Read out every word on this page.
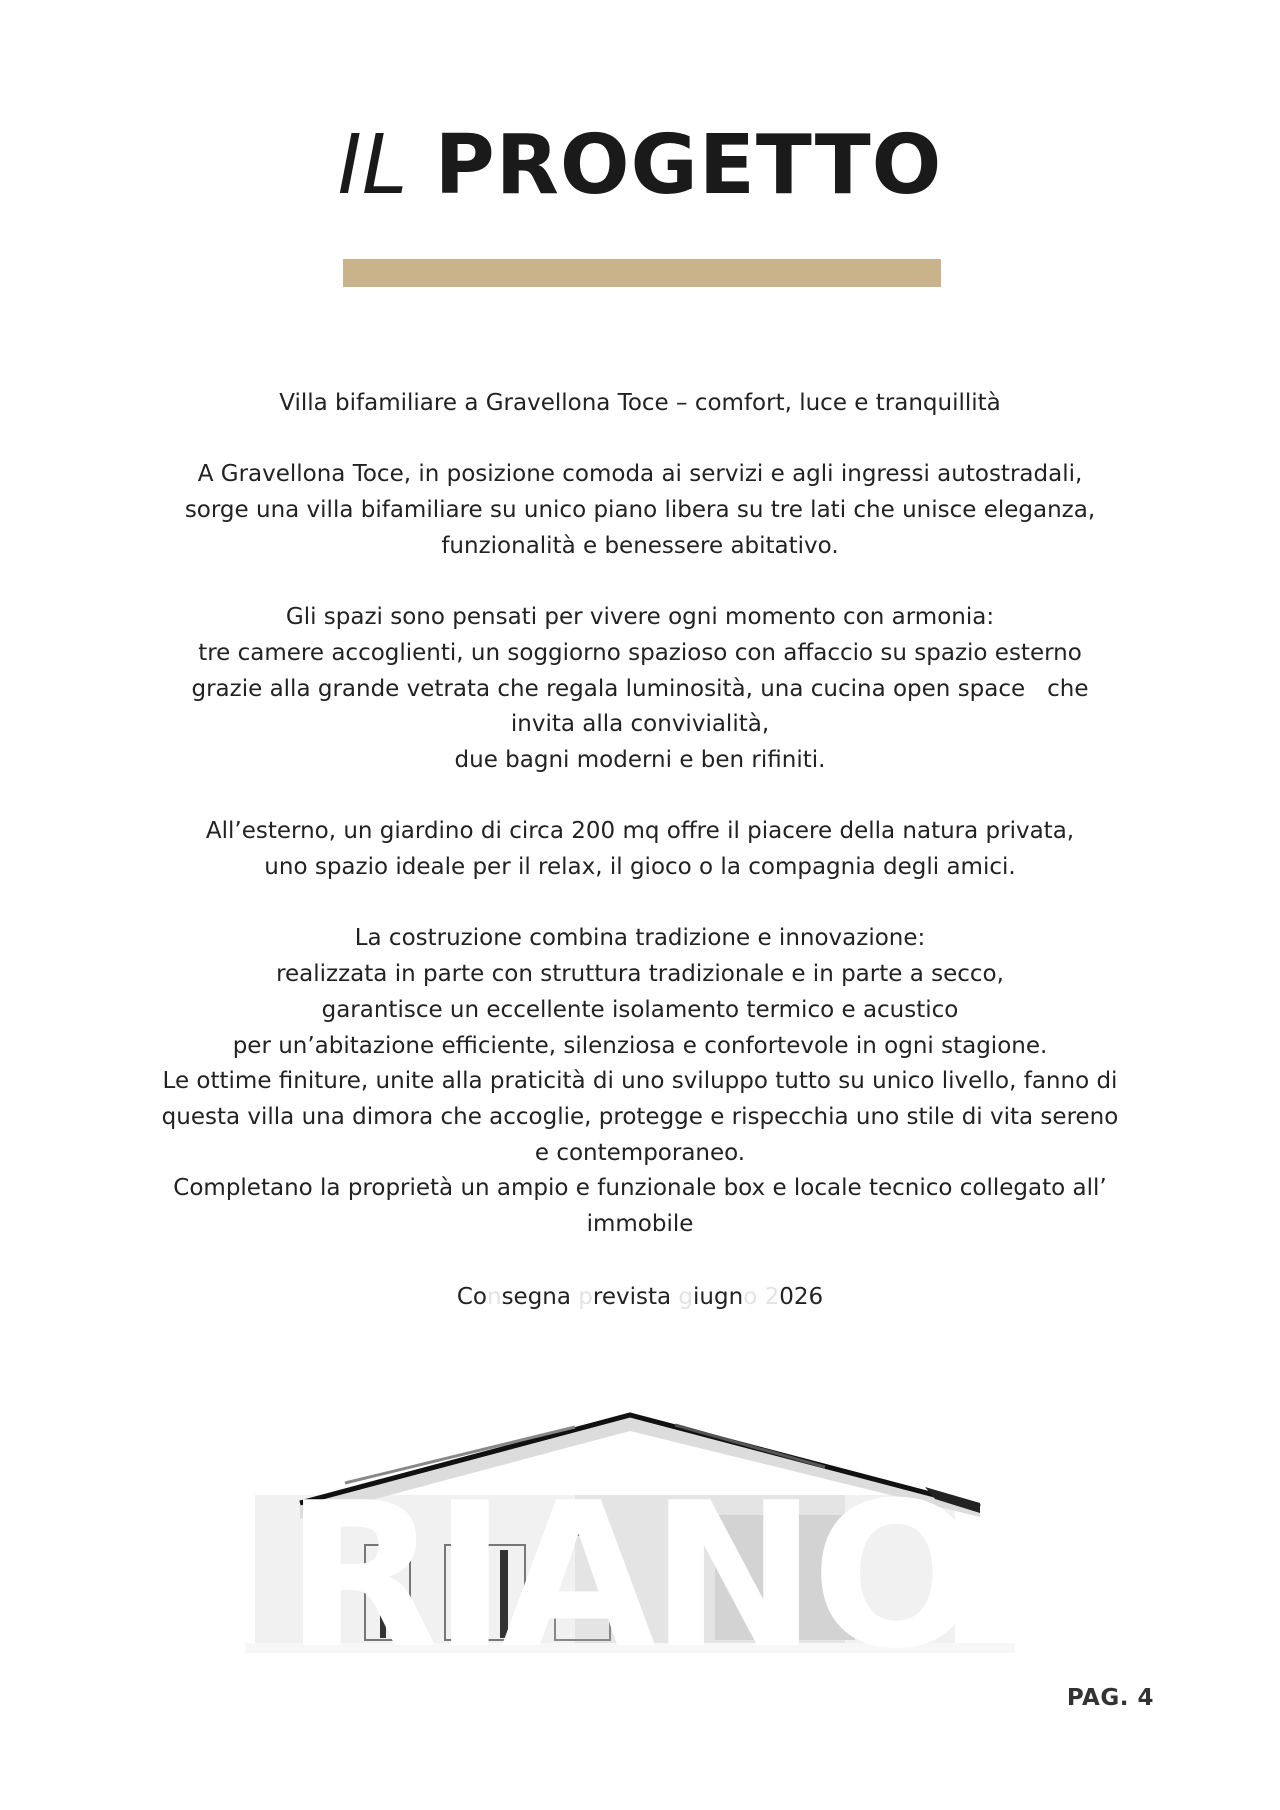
IL PROGETTO
Villa bifamiliare a Gravellona Toce – comfort, luce e tranquillità
A Gravellona Toce, in posizione comoda ai servizi e agli ingressi autostradali,
sorge una villa bifamiliare su unico piano libera su tre lati che unisce eleganza,
funzionalità e benessere abitativo.
Gli spazi sono pensati per vivere ogni momento con armonia:
tre camere accoglienti, un soggiorno spazioso con affaccio su spazio esterno
grazie alla grande vetrata che regala luminosità, una cucina open space   che
invita alla convivialità,
due bagni moderni e ben rifiniti.
All’esterno, un giardino di circa 200 mq offre il piacere della natura privata,
uno spazio ideale per il relax, il gioco o la compagnia degli amici.
La costruzione combina tradizione e innovazione:
realizzata in parte con struttura tradizionale e in parte a secco,
garantisce un eccellente isolamento termico e acustico
per un’abitazione efficiente, silenziosa e confortevole in ogni stagione.
Le ottime finiture, unite alla praticità di uno sviluppo tutto su unico livello, fanno di
questa villa una dimora che accoglie, protegge e rispecchia uno stile di vita sereno
e contemporaneo.
Completano la proprietà un ampio e funzionale box e locale tecnico collegato all’
immobile
Consegna prevista giugno 2026
RIANO
PAG. 4
